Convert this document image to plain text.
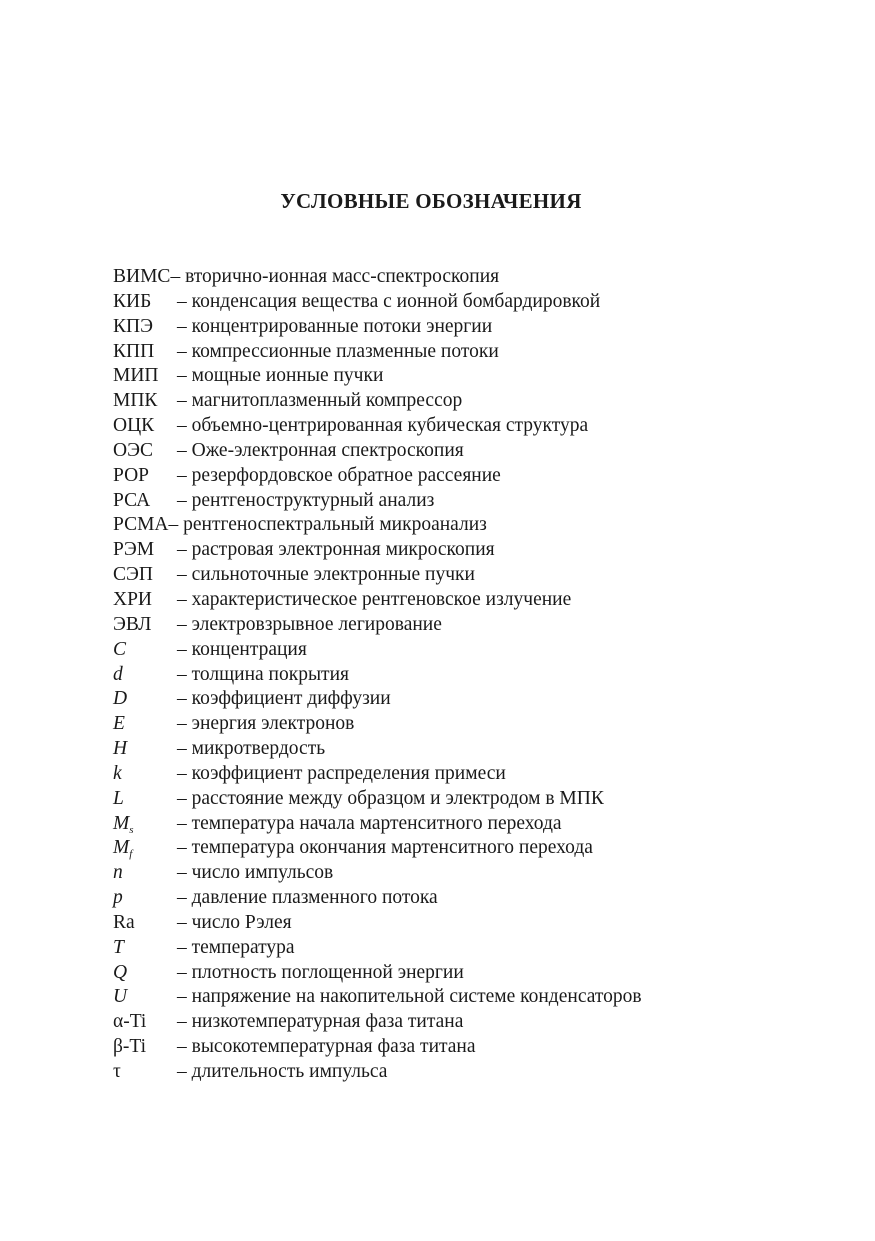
УСЛОВНЫЕ ОБОЗНАЧЕНИЯ
ВИМС – вторично-ионная масс-спектроскопия
КИБ	– конденсация вещества с ионной бомбардировкой
КПЭ	– концентрированные потоки энергии
КПП	– компрессионные плазменные потоки
МИП – мощные ионные пучки
МПК	– магнитоплазменный компрессор
ОЦК	– объемно-центрированная кубическая структура
ОЭС	– Оже-электронная спектроскопия
РОР	– резерфордовское обратное рассеяние
РСА	– рентгеноструктурный анализ
РСМА – рентгеноспектральный микроанализ
РЭМ	– растровая электронная микроскопия
СЭП	– сильноточные электронные пучки
ХРИ	– характеристическое рентгеновское излучение
ЭВЛ	– электровзрывное легирование
C	– концентрация
d	– толщина покрытия
D	– коэффициент диффузии
E	– энергия электронов
H	– микротвердость
k	– коэффициент распределения примеси
L	– расстояние между образцом и электродом в МПК
$M_s$	– температура начала мартенситного перехода
$M_f$	– температура окончания мартенситного перехода
n	– число импульсов
p	– давление плазменного потока
Ra	– число Рэлея
T	– температура
Q	– плотность поглощенной энергии
U	– напряжение на накопительной системе конденсаторов
α-Ti	– низкотемпературная фаза титана
β-Ti	– высокотемпературная фаза титана
τ	– длительность импульса
